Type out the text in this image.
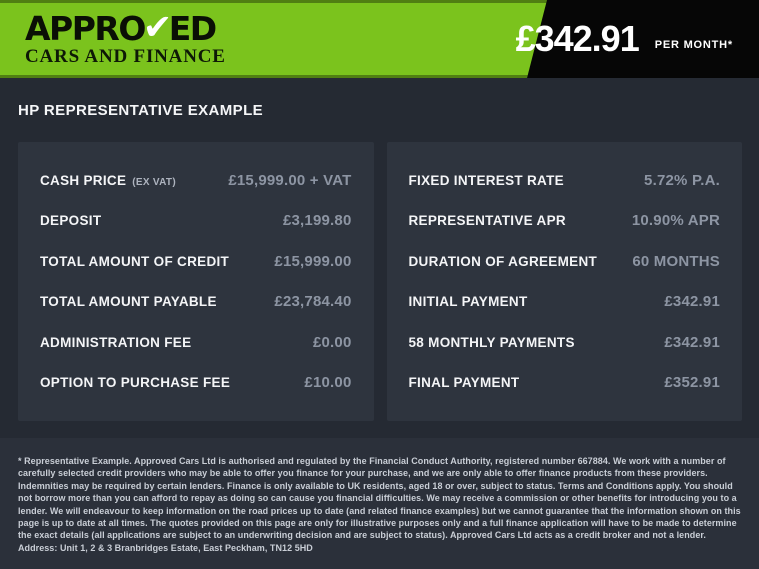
APPRO✔ED
CARS AND FINANCE	£342.91 PER MONTH*
HP REPRESENTATIVE EXAMPLE
CASH PRICE (EX VAT)	£15,999.00 + VAT
DEPOSIT	£3,199.80
TOTAL AMOUNT OF CREDIT	£15,999.00
TOTAL AMOUNT PAYABLE	£23,784.40
ADMINISTRATION FEE	£0.00
OPTION TO PURCHASE FEE	£10.00
FIXED INTEREST RATE	5.72% P.A.
REPRESENTATIVE APR	10.90% APR
DURATION OF AGREEMENT 60 MONTHS
INITIAL PAYMENT	£342.91
58 MONTHLY PAYMENTS	£342.91
FINAL PAYMENT	£352.91

* Representative Example. Approved Cars Ltd is authorised and regulated by the Financial Conduct Authority, registered number 667884. We work with a number of carefully selected credit providers who may be able to offer you finance for your purchase, and we are only able to offer finance products from these providers. Indemnities may be required by certain lenders. Finance is only available to UK residents, aged 18 or over, subject to status. Terms and Conditions apply. You should not borrow more than you can afford to repay as doing so can cause you financial difficulties. We may receive a commission or other benefits for introducing you to a lender. We will endeavour to keep information on the road prices up to date (and related finance examples) but we cannot guarantee that the information shown on this page is up to date at all times. The quotes provided on this page are only for illustrative purposes only and a full finance application will have to be made to determine the exact details (all applications are subject to an underwriting decision and are subject to status). Approved Cars Ltd acts as a credit broker and not a lender. Address: Unit 1, 2 & 3 Branbridges Estate, East Peckham, TN12 5HD
